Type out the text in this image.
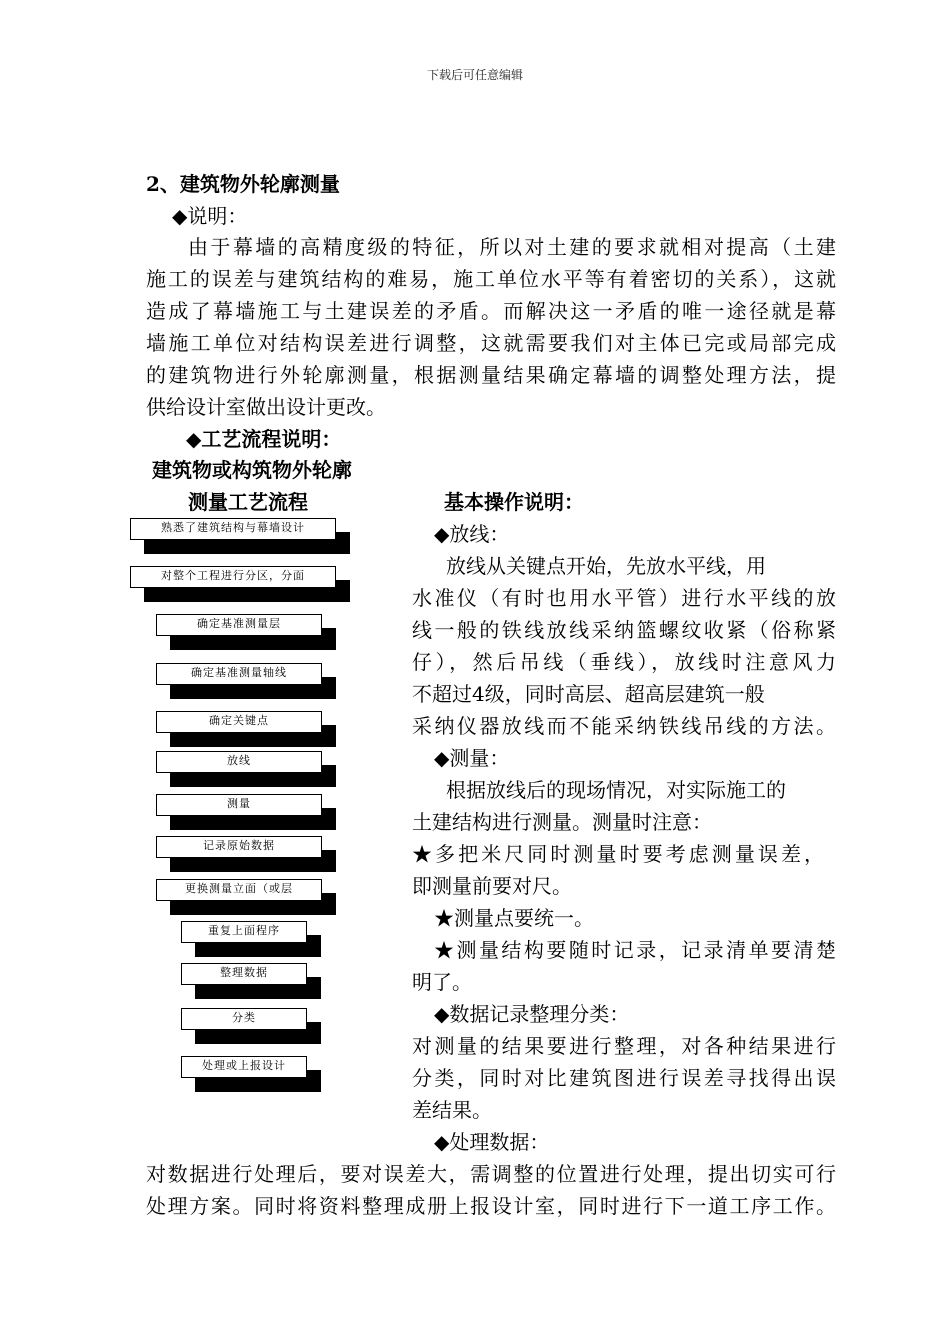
下载后可任意编辑
2、建筑物外轮廓测量
◆说明：
由于幕墙的高精度级的特征，所以对土建的要求就相对提高（土建
施工的误差与建筑结构的难易，施工单位水平等有着密切的关系），这就
造成了幕墙施工与土建误差的矛盾。而解决这一矛盾的唯一途径就是幕
墙施工单位对结构误差进行调整，这就需要我们对主体已完或局部完成
的建筑物进行外轮廓测量，根据测量结果确定幕墙的调整处理方法，提
供给设计室做出设计更改。
◆工艺流程说明：
建筑物或构筑物外轮廓
测量工艺流程	基本操作说明：
熟悉了建筑结构与幕墙设计
对整个工程进行分区，分面
确定基准测量层
确定基准测量轴线
确定关键点
放线
测量
记录原始数据
更换测量立面（或层
重复上面程序
整理数据
分类
处理或上报设计
◆放线：
放线从关键点开始，先放水平线，用
水准仪（有时也用水平管）进行水平线的放
线一般的铁线放线采纳篮螺纹收紧（俗称紧
仔），然后吊线（垂线），放线时注意风力
不超过4级，同时高层、超高层建筑一般
采纳仪器放线而不能采纳铁线吊线的方法。
◆测量：
根据放线后的现场情况，对实际施工的
土建结构进行测量。测量时注意：
★多把米尺同时测量时要考虑测量误差，
即测量前要对尺。
★测量点要统一。
★测量结构要随时记录，记录清单要清楚
明了。
◆数据记录整理分类：
对测量的结果要进行整理，对各种结果进行
分类，同时对比建筑图进行误差寻找得出误
差结果。
◆处理数据：
对数据进行处理后，要对误差大，需调整的位置进行处理，提出切实可行
处理方案。同时将资料整理成册上报设计室，同时进行下一道工序工作。
